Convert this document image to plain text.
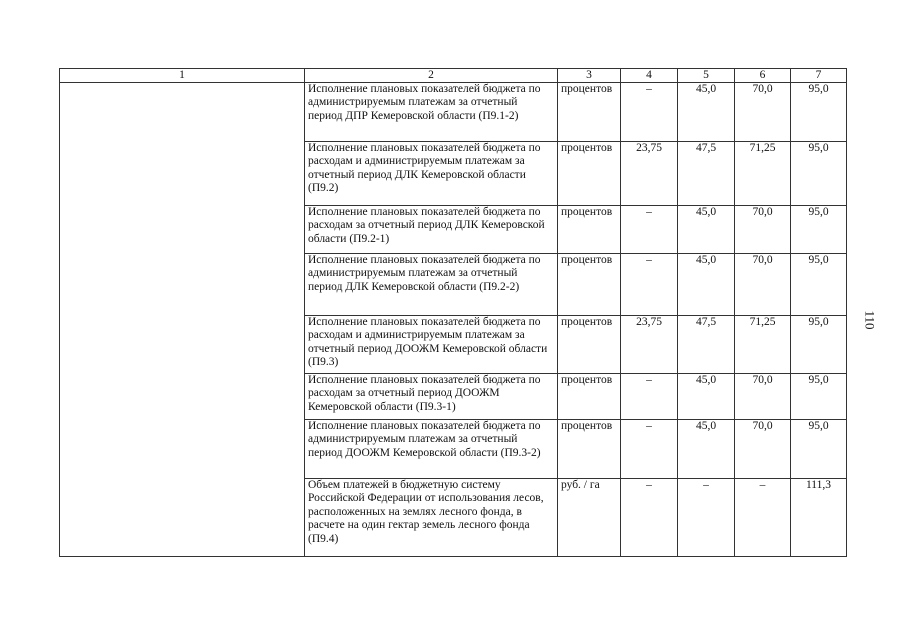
1	2	3	4	5	6	7
	Исполнение плановых показателей бюджета по администрируемым платежам за отчетный период ДПР Кемеровской области (П9.1-2)	процентов	–	45,0	70,0	95,0
	Исполнение плановых показателей бюджета по расходам и администрируемым платежам за отчетный период ДЛК Кемеровской области (П9.2)	процентов	23,75	47,5	71,25	95,0
	Исполнение плановых показателей бюджета по расходам за отчетный период ДЛК Кемеровской области (П9.2-1)	процентов	–	45,0	70,0	95,0
	Исполнение плановых показателей бюджета по администрируемым платежам за отчетный период ДЛК Кемеровской области (П9.2-2)	процентов	–	45,0	70,0	95,0
	Исполнение плановых показателей бюджета по расходам и администрируемым платежам за отчетный период ДООЖМ Кемеровской области (П9.3)	процентов	23,75	47,5	71,25	95,0
	Исполнение плановых показателей бюджета по расходам за отчетный период ДООЖМ Кемеровской области (П9.3-1)	процентов	–	45,0	70,0	95,0
	Исполнение плановых показателей бюджета по администрируемым платежам за отчетный период ДООЖМ Кемеровской области (П9.3-2)	процентов	–	45,0	70,0	95,0
	Объем платежей в бюджетную систему Российской Федерации от использования лесов, расположенных на землях лесного фонда, в расчете на один гектар земель лесного фонда (П9.4)	руб. / га	–	–	–	111,3
110
